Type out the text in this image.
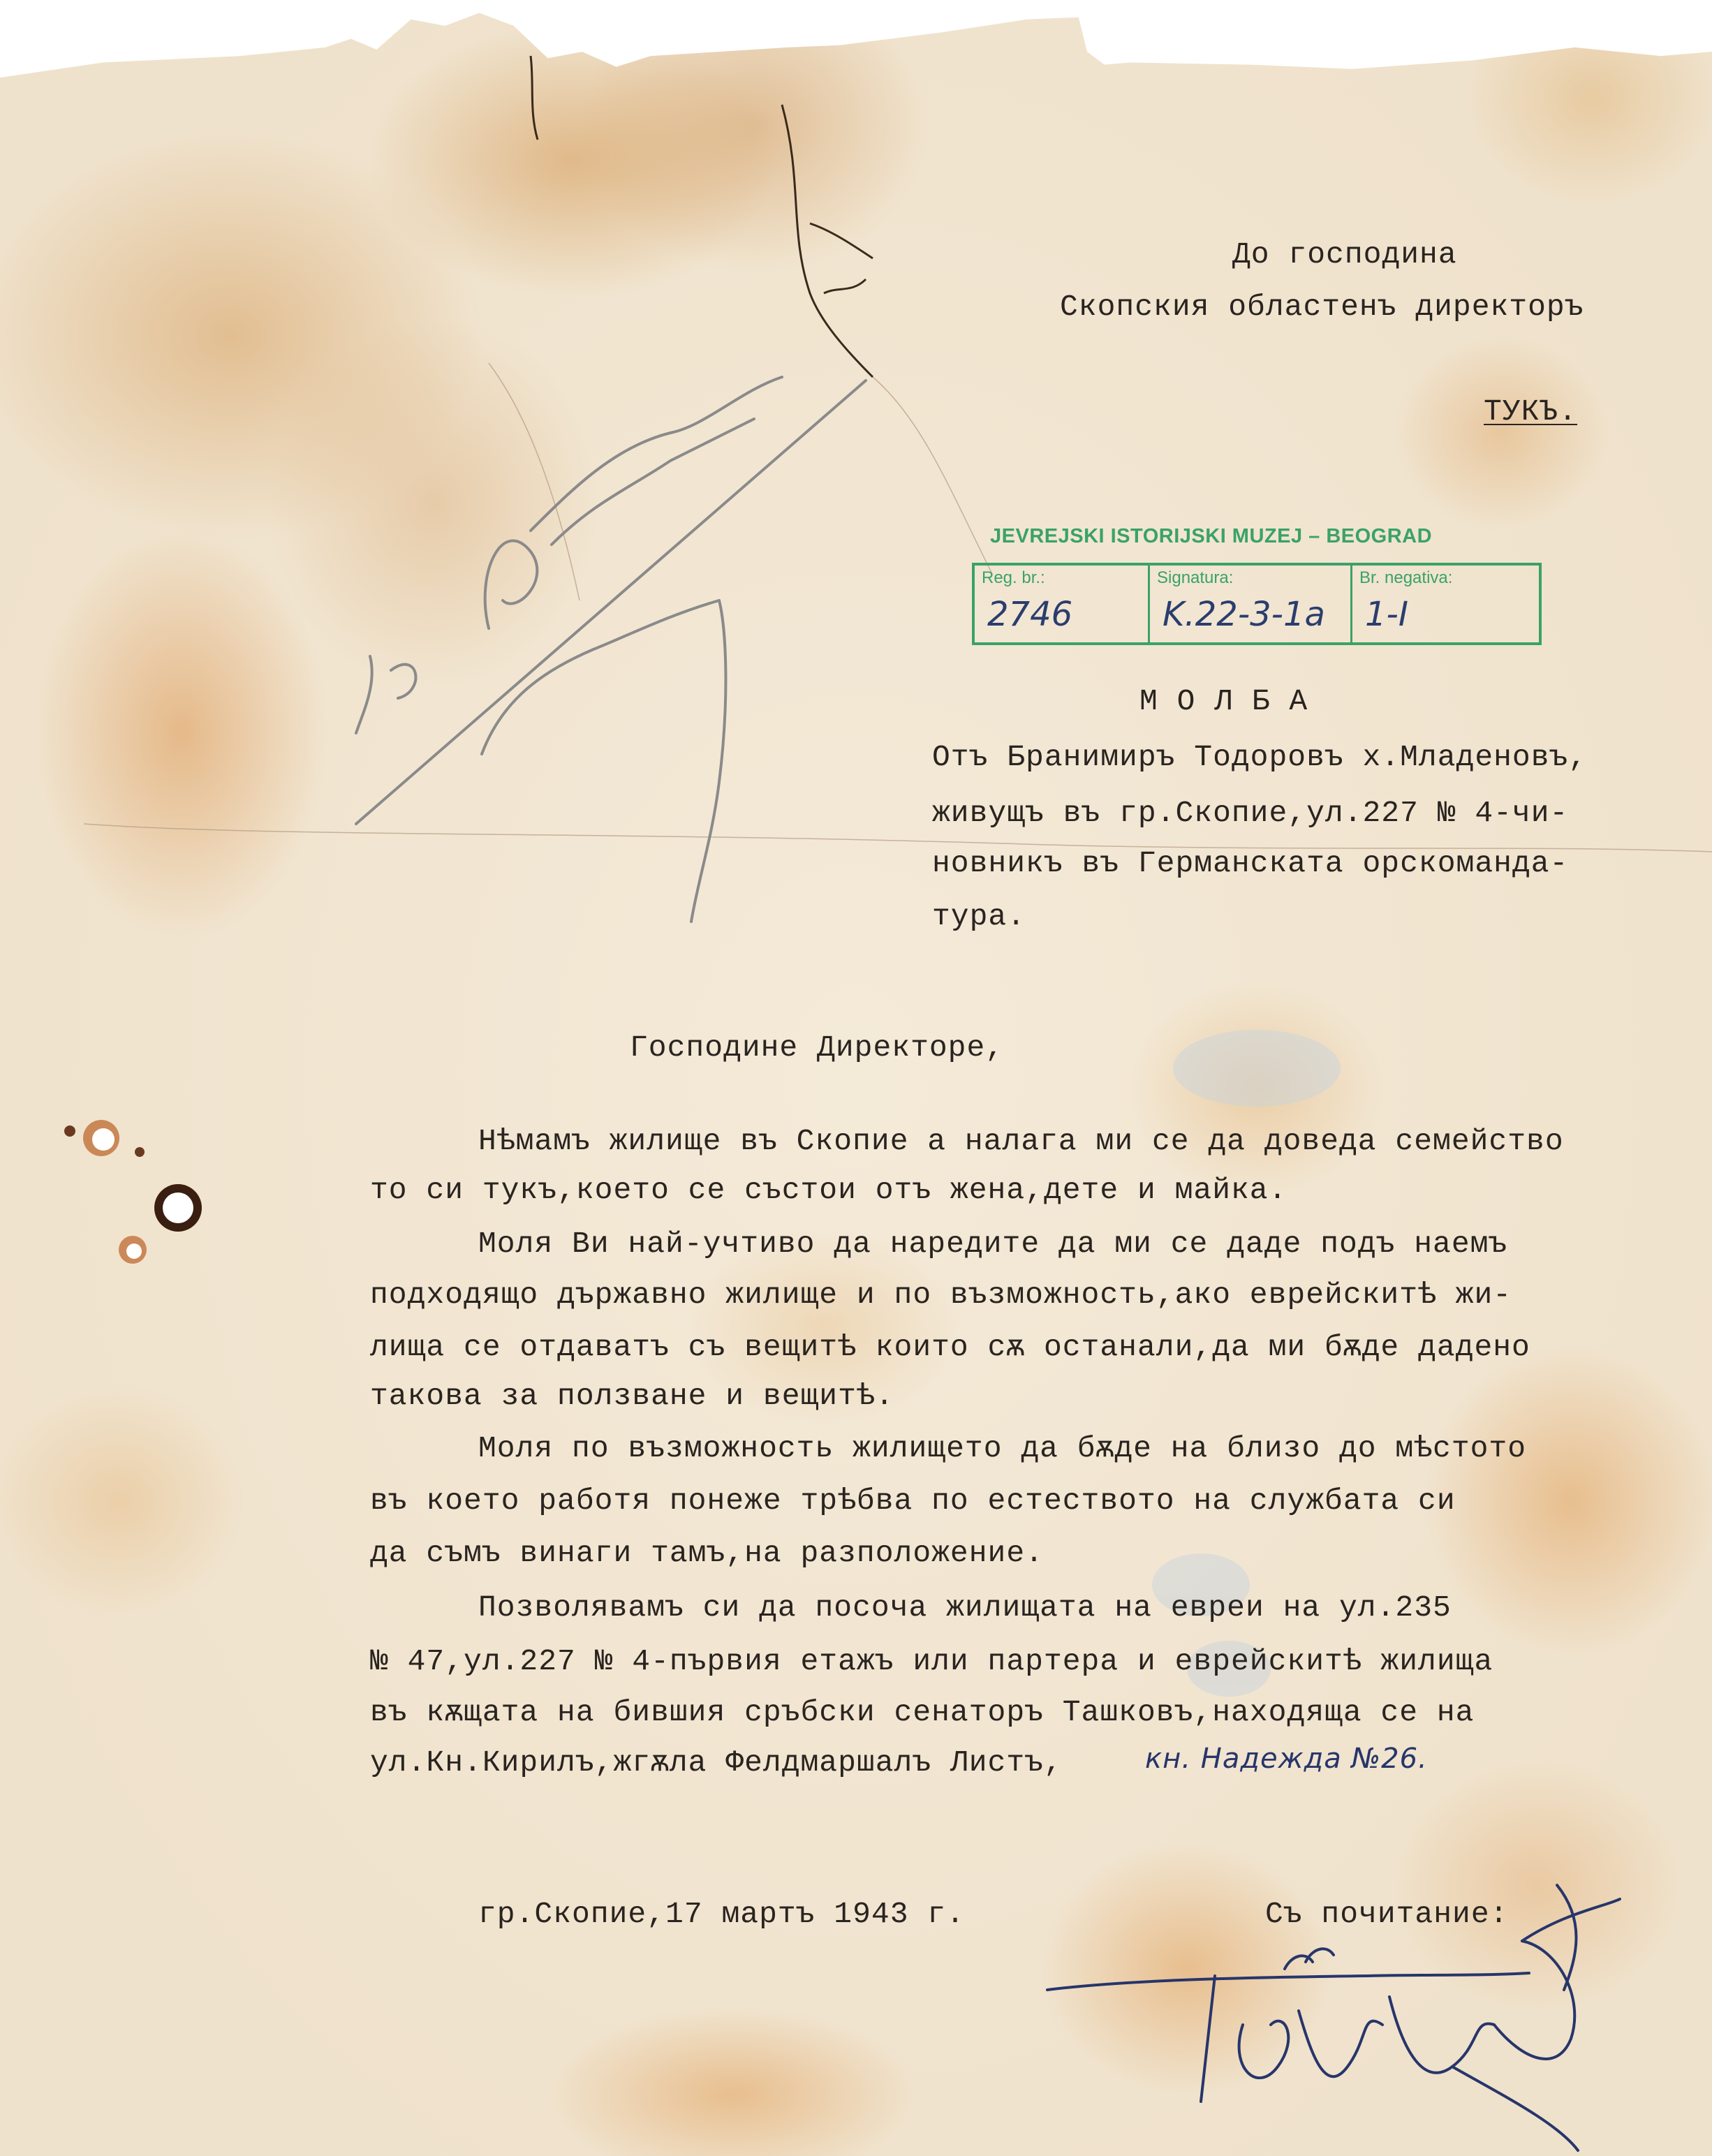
До господина

Скопския областенъ директоръ

ТУКЪ.

JEVREJSKI ISTORIJSKI MUZEJ – BEOGRAD
Reg. br.:
2746
Signatura:
K.22-3-1a
Br. negativa:
1-I

М О Л Б А

Отъ Бранимиръ Тодоровъ х.Младеновъ,

живущъ въ гр.Скопие,ул.227 № 4-чи-

новникъ въ Германската орскоманда-

тура.

Господине Директоре,

Нѣмамъ жилище въ Скопие а налага ми се да доведа семейство

то си тукъ,което се състои отъ жена,дете и майка.

Моля Ви най-учтиво да наредите да ми се даде подъ наемъ

подходящо държавно жилище и по възможность,ако еврейскитѣ жи-

лища се отдаватъ съ вещитѣ които сѫ останали,да ми бѫде дадено

такова за ползване и вещитѣ.

Моля по възможность жилището да бѫде на близо до мѣстото

въ което работя понеже трѣбва по естеството на службата си

да съмъ винаги тамъ,на разположение.

Позволявамъ си да посоча жилищата на евреи на ул.235

№ 47,ул.227 № 4-първия етажъ или партера и еврейскитѣ жилища

въ кѫщата на бившия сръбски сенаторъ Ташковъ,находяща се на

ул.Кн.Кирилъ,жгѫла Фелдмаршалъ Листъ,	кн. Надежда №26.

гр.Скопие,17 мартъ 1943 г.	Съ почитание:
